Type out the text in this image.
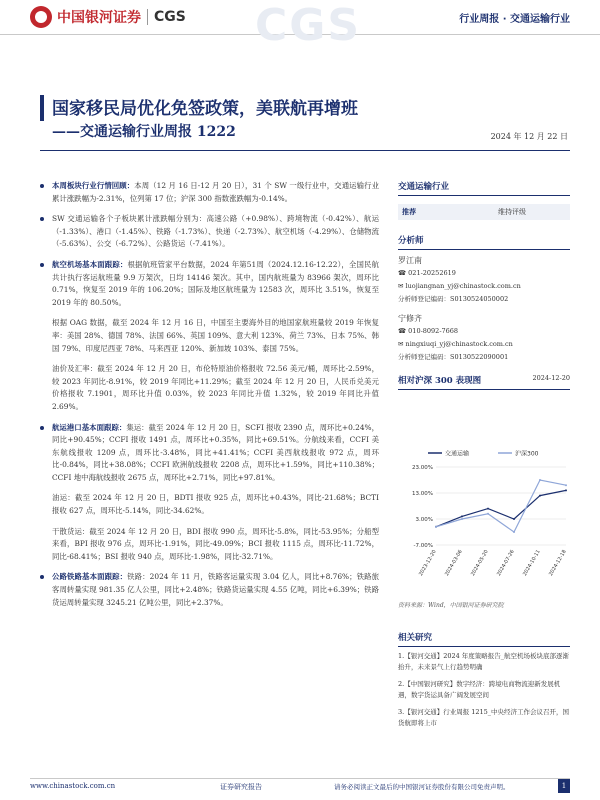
中国银河证券 CGS CGS	行业周报 · 交通运输行业
国家移民局优化免签政策，美联航再增班
——交通运输行业周报 1222	2024 年 12 月 22 日

本周板块行业行情回顾：本周（12 月 16 日-12 月 20 日），31 个 SW 一级行业中，交通运输行业累计涨跌幅为-2.31%，位列第 17 位；沪深 300 指数涨跌幅为-0.14%。

SW 交通运输各个子板块累计涨跌幅分别为：高速公路（+0.98%）、跨境物流（-0.42%）、航运（-1.33%）、港口（-1.45%）、铁路（-1.73%）、快递（-2.73%）、航空机场（-4.29%）、仓储物流（-5.63%）、公交（-6.72%）、公路货运（-7.41%）。

航空机场基本面跟踪：根据航班管家平台数据，2024 年第51周（2024.12.16-12.22），全国民航共计执行客运航班量 9.9 万架次，日均 14146 架次。其中，国内航班量为 83966 架次，周环比 0.71%，恢复至 2019 年的 106.20%；国际及地区航班量为 12583 次，周环比 3.51%，恢复至 2019 年的 80.50%。

根据 OAG 数据，截至 2024 年 12 月 16 日，中国至主要海外目的地国家航班量较 2019 年恢复率：美国 28%、德国 78%、法国 66%、英国 109%、意大利 123%、荷兰 73%、日本 75%、韩国 79%、印度尼西亚 78%、马来西亚 120%、新加坡 103%、泰国 75%。

油价及汇率：截至 2024 年 12 月 20 日，布伦特原油价格报收 72.56 美元/桶，周环比-2.59%，较 2023 年同比-8.91%，较 2019 年同比+11.29%；截至 2024 年 12 月 20 日，人民币兑美元价格报收 7.1901，周环比升值 0.03%，较 2023 年同比升值 1.32%，较 2019 年同比升值 2.69%。

航运港口基本面跟踪：集运：截至 2024 年 12 月 20 日，SCFI 报收 2390 点，周环比+0.24%，同比+90.45%；CCFI 报收 1491 点，周环比+0.35%，同比+69.51%。分航线来看，CCFI 美东航线报收 1209 点，周环比-3.48%，同比+41.41%；CCFI 美西航线报收 972 点，周环比-0.84%，同比+38.08%；CCFI 欧洲航线报收 2208 点，周环比+1.59%，同比+110.38%；CCFI 地中海航线报收 2675 点，周环比+2.71%，同比+97.81%。

油运：截至 2024 年 12 月 20 日，BDTI 报收 925 点，周环比+0.43%，同比-21.68%；BCTI 报收 627 点，周环比-5.14%，同比-34.62%。

干散货运：截至 2024 年 12 月 20 日，BDI 报收 990 点，周环比-5.8%，同比-53.95%；分船型来看，BPI 报收 976 点，周环比-1.91%，同比-49.09%；BCI 报收 1115 点，周环比-11.72%，同比-68.41%；BSI 报收 940 点，周环比-1.98%，同比-32.71%。

公路铁路基本面跟踪：铁路：2024 年 11 月，铁路客运量实现 3.04 亿人，同比+8.76%；铁路旅客周转量实现 981.35 亿人公里，同比+2.48%；铁路货运量实现 4.55 亿吨，同比+6.39%；铁路货运周转量实现 3245.21 亿吨公里，同比+2.37%。

交通运输行业
推荐	维持评级
分析师
罗江南
☎ 021-20252619
✉ luojiangnan_yj@chinastock.com.cn
分析师登记编码：S0130524050002
宁修齐
☎ 010-8092-7668
✉ ningxiuqi_yj@chinastock.com.cn
分析师登记编码：S0130522090001
相对沪深 300 表现图	2024-12-20
交通运输	沪深300
23.00%
13.00%
3.00%
-7.00%
2023-12-20 2024-03-06 2024-05-20 2024-07-26 2024-10-11 2024-12-18
资料来源：Wind，中国银河证券研究院
相关研究
1.【银河交通】2024 年度策略报告_航空机场板块底部逐渐抬升，未来景气上行趋势明确
2.【中国银河研究】数字经济：跨境电商物流迎新发展机遇，数字货运具备广阔发展空间
3.【银河交通】行业周报 1215_中央经济工作会议召开，国货航即将上市
www.chinastock.com.cn	证券研究报告	请务必阅读正文最后的中国银河证券股份有限公司免责声明。	1
